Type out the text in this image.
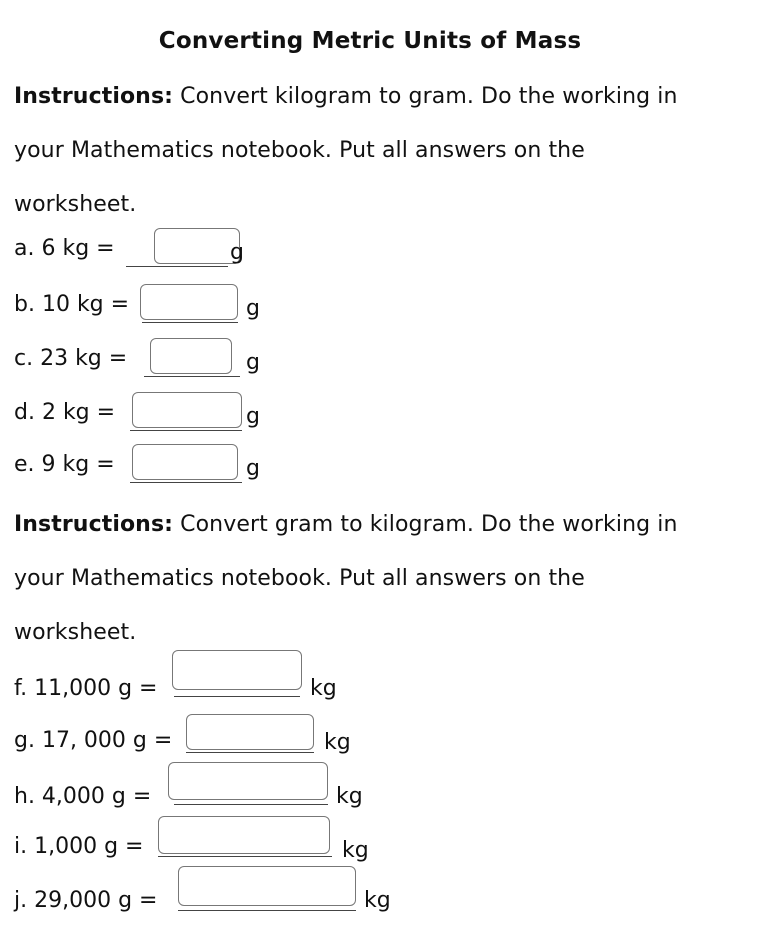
Converting Metric Units of Mass
Instructions: Convert kilogram to gram. Do the working in
your Mathematics notebook. Put all answers on the
worksheet.
a. 6 kg =	g
b. 10 kg =	g
c. 23 kg =	g
d. 2 kg =	g
e. 9 kg =	g
Instructions: Convert gram to kilogram. Do the working in
your Mathematics notebook. Put all answers on the
worksheet.
f. 11,000 g =	kg
g. 17, 000 g =	kg
h. 4,000 g =	kg
i. 1,000 g =	kg
j. 29,000 g =	kg
